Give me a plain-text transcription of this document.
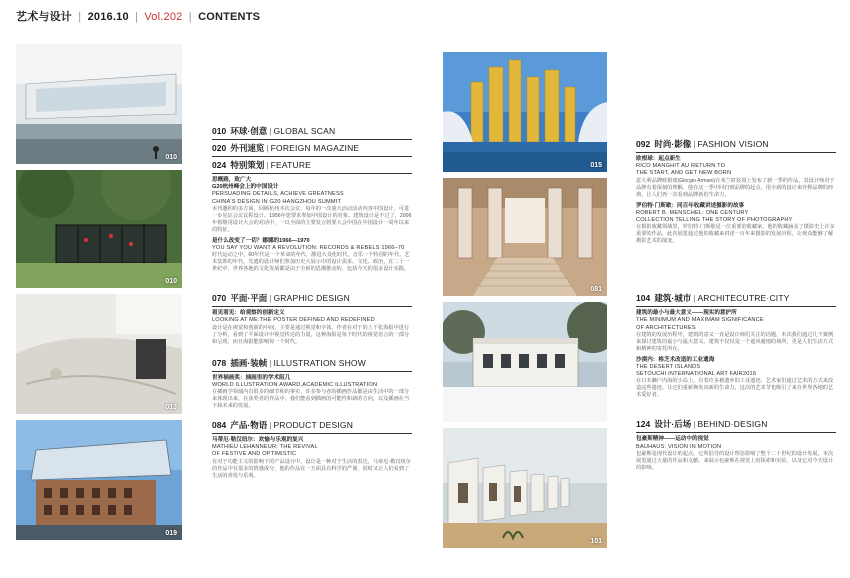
艺术与设计 | 2016.10 | Vol.202 | CONTENTS
010
010
013
019
010 环球·创意 | GLOBAL SCAN
020 外刊速览 | FOREIGN MAGAZINE
024 特别策划 | FEATURE
思概路，致广大
G20杭州峰会上的中国设计
PERSUADING DETAILS, ACHIEVE GREATNESS
CHINA'S DESIGN IN G20 HANGZHOU SUMMIT
本刊邀约的多方面，回顾杭州本次会议，每年的一次重大活动活动内容中国设计，可进一步见证会议议程设计。1956年您要求参加中国设计的对象。建筑设计是不过了，2006年相继用设计大会的对话中，一以全面的主要发言将要大会中国在中国设计一周年以来的特征。
是什么改变了一切？娜娜的1966—1970
YOU SAY YOU WANT A REVOLUTION: RECORDS & REBELS 1966–70
时代运动之中，60年代是一个革命的年代，激进大众化时代，音乐一个特别的年代，艺术装饰的年代。先遣的设计师们参加历史大展示中的设计需求。文化、政治，在二十一世纪中，世界各地的文化发展都是由于全新的思潮推动的，包括今天的很多设计实践。
070 平面·平面 | GRAPHIC DESIGN
看见看见：给观察的创新定义
LOOKING AT ME:THE POSTER DEFINED AND REDEFINED
设计是在视觉和创新的中间，主要是通过视觉和字体，作者在对于的上千张海报中进行了分析，看到了平面设计中视觉传达的力量，这种海报是每个时代的视觉语言的一部分和呈现，而且海报能影响每一个时代。
078 插画·装帧 | ILLUSTRATION SHOW
世界插画奖：插画里的学术阻几
WORLD ILLUSTRATION AWARD,ACADEMIC ILLUSTRATION
在插画学领域内有很多的细节和的事实，许多参与者的插画作品都是由生活中的一部分来体现出来，在获奖者的作品中，我们能看到插画的可能性和新的方向，以及插画在当下和未来的发展。
084 产品·物语 | PRODUCT DESIGN
马蒂厄·勒汉纽尔：欢愉与乐观的复兴
MATHIEU LEHANNEUR: THE REVIVAL
OF FESTIVE AND OPTIMISTIC
在对于功能主义的影响下的产品设计中，设计是一种对于生活的表达，马蒂厄·勒汉纽尔的作品中有很多的情感成分，他的作品在一方面具有科学的严谨，同时又让人们看到了生活的喜悦与乐观。
015
081
101
092 时尚·影像 | FASHION VISION
欧根球：起点新生
RICO MANGHIT AU RETURN TO
THE START, AND GET NEW BORN
意大利品牌欧根球(Giorgio Armani)在米兰时装周上发布了新一季的作品，其设计师对于品牌有着深刻的理解，他在这一季中回归到品牌的起点，用全新的设计来诠释品牌的经典，让人们再一次看到品牌新的生命力。
罗伯特·门斯歇：同百年收藏讲述摄影的故事
ROBERT B. MENSCHEL: ONE CENTURY
COLLECTION TELLING THE STORY OF PHOTOGRAPHY
在摄影收藏领域里，罗伯特·门斯歇是一位重要的收藏家，他的收藏涵盖了摄影史上许多重要的作品，此次展览通过他的收藏来讲述一百年来摄影的发展历程，让观众能够了解摄影艺术的演变。
104 建筑·城市 | ARCHITECUTRE·CITY
建筑的最小与最大意义——现实的意护所
THE MINIMUM AND MAXIMAM SIGNIFICANCE
OF ARCHITECTURES
在建筑的发展历程中，建筑的意义一直是设计师们关注的话题，本次我们通过几个案例来探讨建筑的最小与最大意义，建筑不仅仅是一个遮风避雨的场所，更是人们生活方式和精神的寄托所在。
沙漠内：格芝术改造的工业遗海
THE DESERT ISLANDS
SETOUCHI INTERNATIONAL ART FAIR2016
在日本濑户内海的小岛上，有着许多被遗弃的工业遗迹，艺术家们通过艺术的方式来改造这些遗迹，让它们重新焕发出新的生命力，这次的艺术节也吸引了来自世界各地的艺术爱好者。
124 设计·后场 | BEHIND·DESIGN
包豪斯精神——运动中的视觉
BAUHAUS: VISION IN MOTION
包豪斯是现代设计的起点，它所倡导的设计理念影响了整个二十世纪的设计发展，本次展览通过大量的作品和文献，来展示包豪斯在视觉上的探索和实验，以及它对今天设计的影响。
